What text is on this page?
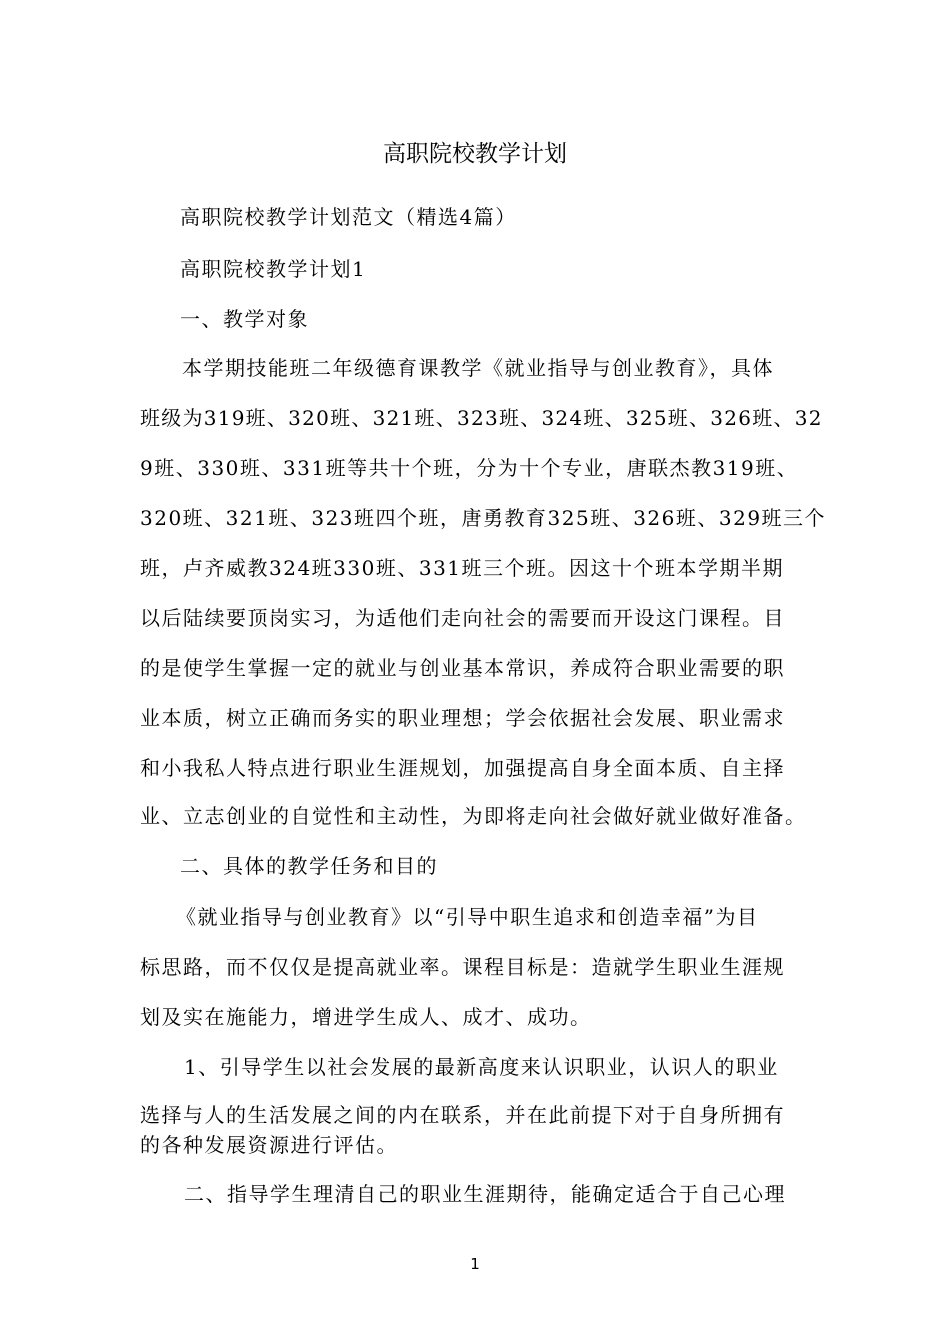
高职院校教学计划

高职院校教学计划范文（精选4篇）

高职院校教学计划1

一、教学对象

本学期技能班二年级德育课教学《就业指导与创业教育》，具体

班级为319班、320班、321班、323班、324班、325班、326班、32

9班、330班、331班等共十个班，分为十个专业，唐联杰教319班、

320班、321班、323班四个班，唐勇教育325班、326班、329班三个

班，卢齐威教324班330班、331班三个班。因这十个班本学期半期

以后陆续要顶岗实习，为适他们走向社会的需要而开设这门课程。目

的是使学生掌握一定的就业与创业基本常识，养成符合职业需要的职

业本质，树立正确而务实的职业理想；学会依据社会发展、职业需求

和小我私人特点进行职业生涯规划，加强提高自身全面本质、自主择

业、立志创业的自觉性和主动性，为即将走向社会做好就业做好准备。

二、具体的教学任务和目的

《就业指导与创业教育》以“引导中职生追求和创造幸福”为目

标思路，而不仅仅是提高就业率。课程目标是：造就学生职业生涯规

划及实在施能力，增进学生成人、成才、成功。

1、引导学生以社会发展的最新高度来认识职业，认识人的职业

选择与人的生活发展之间的内在联系，并在此前提下对于自身所拥有

的各种发展资源进行评估。

二、指导学生理清自己的职业生涯期待，能确定适合于自己心理

1
